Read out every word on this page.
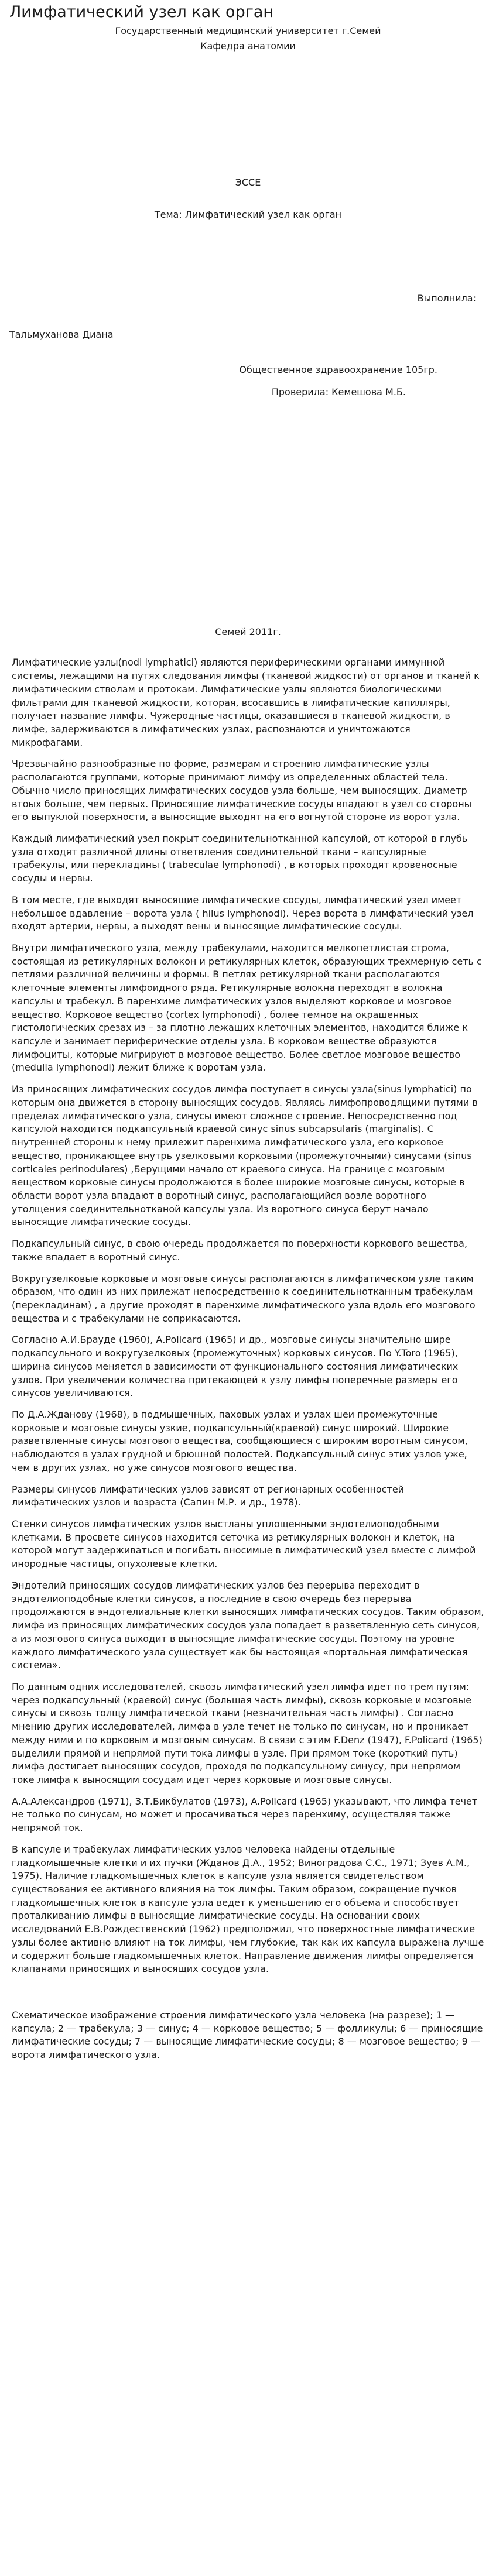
Лимфатический узел как орган
Государственный медицинский университет г.Семей
Кафедра анатомии
ЭССЕ
Тема: Лимфатический узел как орган
Выполнила:
Тальмуханова Диана
Общественное здравоохранение 105гр.
Проверила: Кемешова М.Б.
Семей 2011г.

Лимфатические узлы(nodi lymphatici) являются периферическими органами иммунной системы, лежащими на путях следования лимфы (тканевой жидкости) от органов и тканей к лимфатическим стволам и протокам. Лимфатические узлы являются биологическими фильтрами для тканевой жидкости, которая, всосавшись в лимфатические капилляры, получает название лимфы. Чужеродные частицы, оказавшиеся в тканевой жидкости, в лимфе, задерживаются в лимфатических узлах, распознаются и уничтожаются микрофагами.

Чрезвычайно разнообразные по форме, размерам и строению лимфатические узлы располагаются группами, которые принимают лимфу из определенных областей тела. Обычно число приносящих лимфатических сосудов узла больше, чем выносящих. Диаметр втоых больше, чем первых. Приносящие лимфатические сосуды впадают в узел со стороны его выпуклой поверхности, а выносящие выходят на его вогнутой стороне из ворот узла.

Каждый лимфатический узел покрыт соединительнотканной капсулой, от которой в глубь узла отходят различной длины ответвления соединительной ткани – капсулярные трабекулы, или перекладины ( trabeculae lymphonodi) , в которых проходят кровеносные сосуды и нервы.

В том месте, где выходят выносящие лимфатические сосуды, лимфатический узел имеет небольшое вдавление – ворота узла ( hilus lymphonodi). Через ворота в лимфатический узел входят артерии, нервы, а выходят вены и выносящие лимфатические сосуды.

Внутри лимфатического узла, между трабекулами, находится мелкопетлистая строма, состоящая из ретикулярных волокон и ретикулярных клеток, образующих трехмерную сеть с петлями различной величины и формы. В петлях ретикулярной ткани располагаются клеточные элементы лимфоидного ряда. Ретикулярные волокна переходят в волокна капсулы и трабекул. В паренхиме лимфатических узлов выделяют корковое и мозговое вещество. Корковое вещество (cortex lymphonodi) , более темное на окрашенных гистологических срезах из – за плотно лежащих клеточных элементов, находится ближе к капсуле и занимает периферические отделы узла. В корковом веществе образуются лимфоциты, которые мигрируют в мозговое вещество. Более светлое мозговое вещество (medulla lymphonodi) лежит ближе к воротам узла.

Из приносящих лимфатических сосудов лимфа поступает в синусы узла(sinus lymphatici) по которым она движется в сторону выносящих сосудов. Являясь лимфопроводящими путями в пределах лимфатического узла, синусы имеют сложное строение. Непосредственно под капсулой находится подкапсульный краевой синус sinus subcapsularis (marginalis). С внутренней стороны к нему прилежит паренхима лимфатического узла, его корковое вещество, проникающее внутрь узелковыми корковыми (промежуточными) синусами (sinus corticales perinodulares) ,Берущими начало от краевого синуса. На границе с мозговым веществом корковые синусы продолжаются в более широкие мозговые синусы, которые в области ворот узла впадают в воротный синус, располагающийся возле воротного утолщения соединительнотканой капсулы узла. Из воротного синуса берут начало выносящие лимфатические сосуды.

Подкапсульный синус, в свою очередь продолжается по поверхности коркового вещества, также впадает в воротный синус.

Вокругузелковые корковые и мозговые синусы располагаются в лимфатическом узле таким образом, что один из них прилежат непосредственно к соединительнотканным трабекулам (перекладинам) , а другие проходят в паренхиме лимфатического узла вдоль его мозгового вещества и с трабекулами не соприкасаются.

Согласно А.И.Брауде (1960), А.Policard (1965) и др., мозговые синусы значительно шире подкапсульного и вокругузелковых (промежуточных) корковых синусов. По Y.Toro (1965), ширина синусов меняется в зависимости от функционального состояния лимфатических узлов. При увеличении количества притекающей к узлу лимфы поперечные размеры его синусов увеличиваются.

По Д.А.Жданову (1968), в подмышечных, паховых узлах и узлах шеи промежуточные корковые и мозговые синусы узкие, подкапсульный(краевой) синус широкий. Широкие разветвленные синусы мозгового вещества, сообщающиеся с широким воротным синусом, наблюдаются в узлах грудной и брюшной полостей. Подкапсульный синус этих узлов уже, чем в других узлах, но уже синусов мозгового вещества.

Размеры синусов лимфатических узлов зависят от регионарных особенностей лимфатических узлов и возраста (Сапин М.Р. и др., 1978).

Стенки синусов лимфатических узлов выстланы уплощенными эндотелиоподобными клетками. В просвете синусов находится сеточка из ретикулярных волокон и клеток, на которой могут задерживаться и погибать вносимые в лимфатический узел вместе с лимфой инородные частицы, опухолевые клетки.

Эндотелий приносящих сосудов лимфатических узлов без перерыва переходит в эндотелиоподобные клетки синусов, а последние в свою очередь без перерыва продолжаются в эндотелиальные клетки выносящих лимфатических сосудов. Таким образом, лимфа из приносящих лимфатических сосудов узла попадает в разветвленную сеть синусов, а из мозгового синуса выходит в выносящие лимфатические сосуды. Поэтому на уровне каждого лимфатического узла существует как бы настоящая «портальная лимфатическая система».

По данным одних исследователей, сквозь лимфатический узел лимфа идет по трем путям: через подкапсульный (краевой) синус (большая часть лимфы), сквозь корковые и мозговые синусы и сквозь толщу лимфатической ткани (незначительная часть лимфы) . Согласно мнению других исследователей, лимфа в узле течет не только по синусам, но и проникает между ними и по корковым и мозговым синусам. В связи с этим F.Denz (1947), F.Policard (1965) выделили прямой и непрямой пути тока лимфы в узле. При прямом токе (короткий путь) лимфа достигает выносящих сосудов, проходя по подкапсульному синусу, при непрямом токе лимфа к выносящим сосудам идет через корковые и мозговые синусы.

А.А.Александров (1971), З.Т.Бикбулатов (1973), A.Policard (1965) указывают, что лимфа течет не только по синусам, но может и просачиваться через паренхиму, осуществляя также непрямой ток.

В капсуле и трабекулах лимфатических узлов человека найдены отдельные гладкомышечные клетки и их пучки (Жданов Д.А., 1952; Виноградова С.С., 1971; Зуев А.М., 1975). Наличие гладкомышечных клеток в капсуле узла является свидетельством существования ее активного влияния на ток лимфы. Таким образом, сокращение пучков гладкомышечных клеток в капсуле узла ведет к уменьшению его объема и способствует проталкиванию лимфы в выносящие лимфатические сосуды. На основании своих исследований Е.В.Рождественский (1962) предположил, что поверхностные лимфатические узлы более активно влияют на ток лимфы, чем глубокие, так как их капсула выражена лучше и содержит больше гладкомышечных клеток. Направление движения лимфы определяется клапанами приносящих и выносящих сосудов узла.

Схематическое изображение строения лимфатического узла человека (на разрезе); 1 — капсула; 2 — трабекула; 3 — синус; 4 — корковое вещество; 5 — фолликулы; 6 — приносящие лимфатические сосуды; 7 — выносящие лимфатические сосуды; 8 — мозговое вещество; 9 — ворота лимфатического узла.
